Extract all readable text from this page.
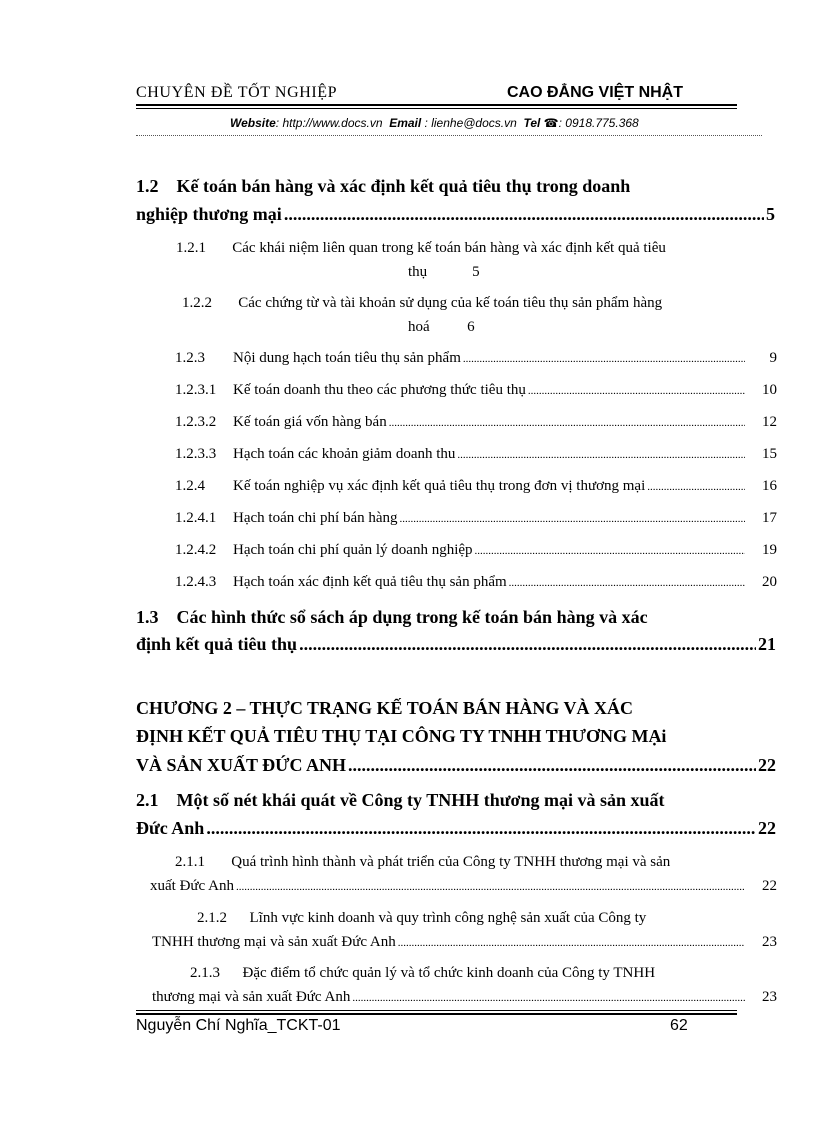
CHUYÊN ĐỀ TỐT NGHIỆP	CAO ĐẲNG VIỆT NHẬT
Website: http://www.docs.vn Email : lienhe@docs.vn Tel ☎: 0918.775.368
1.2 Kế toán bán hàng và xác định kết quả tiêu thụ trong doanh
nghiệp thương mại .....	5
1.2.1 Các khái niệm liên quan trong kế toán bán hàng và xác định kết quả tiêu
thụ	5
1.2.2 Các chứng từ và tài khoản sử dụng của kế toán tiêu thụ sản phẩm hàng
hoá	6
1.2.3	Nội dung hạch toán tiêu thụ sản phẩm .....	9
1.2.3.1	Kế toán doanh thu theo các phương thức tiêu thụ .....	10
1.2.3.2	Kế toán giá vốn hàng bán .....	12
1.2.3.3	Hạch toán các khoản giảm doanh thu .....	15
1.2.4	Kế toán nghiệp vụ xác định kết quả tiêu thụ trong đơn vị thương mại .....	16
1.2.4.1	Hạch toán chi phí bán hàng .....	17
1.2.4.2	Hạch toán chi phí quản lý doanh nghiệp .....	19
1.2.4.3	Hạch toán xác định kết quả tiêu thụ sản phẩm .....	20
1.3 Các hình thức sổ sách áp dụng trong kế toán bán hàng và xác
định kết quả tiêu thụ .....	21
CHƯƠNG 2 – THỰC TRẠNG KẾ TOÁN BÁN HÀNG VÀ XÁC
ĐỊNH KẾT QUẢ TIÊU THỤ TẠI CÔNG TY TNHH THƯƠNG MẠi
VÀ SẢN XUẤT ĐỨC ANH .....	22
2.1 Một số nét khái quát về Công ty TNHH thương mại và sản xuất
Đức Anh .....	22
2.1.1 Quá trình hình thành và phát triển của Công ty TNHH thương mại và sản
xuất Đức Anh .....	22
2.1.2 Lĩnh vực kinh doanh và quy trình công nghệ sản xuất của Công ty
TNHH thương mại và sản xuất Đức Anh .....	23
2.1.3 Đặc điểm tổ chức quản lý và tổ chức kinh doanh của Công ty TNHH
thương mại và sản xuất Đức Anh .....	23
Nguyễn Chí Nghĩa_TCKT-01	62
